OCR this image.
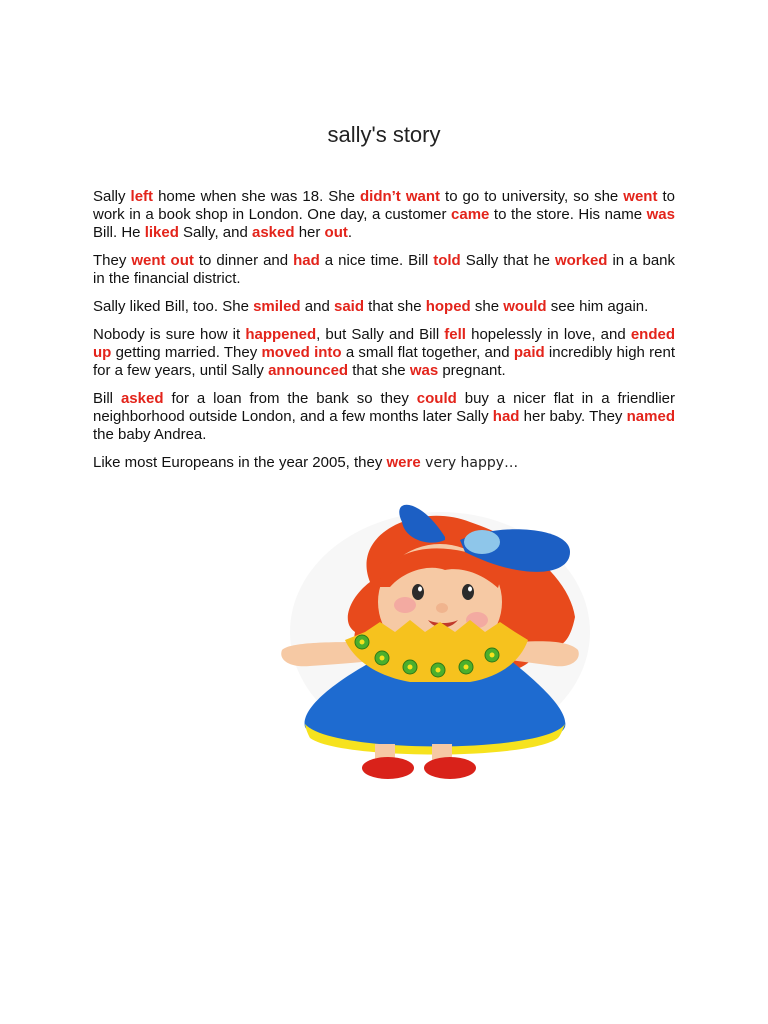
sally's story

Sally left home when she was 18. She didn’t want to go to university, so she went to work in a book shop in London. One day, a customer came to the store. His name was Bill. He liked Sally, and asked her out.

They went out to dinner and had a nice time. Bill told Sally that he worked in a bank in the financial district.

Sally liked Bill, too. She smiled and said that she hoped she would see him again.

Nobody is sure how it happened, but Sally and Bill fell hopelessly in love, and ended up getting married. They moved into a small flat together, and paid incredibly high rent for a few years, until Sally announced that she was pregnant.

Bill asked for a loan from the bank so they could buy a nicer flat in a friendlier neighborhood outside London, and a few months later Sally had her baby. They named the baby Andrea.

Like most Europeans in the year 2005, they were very happy…
